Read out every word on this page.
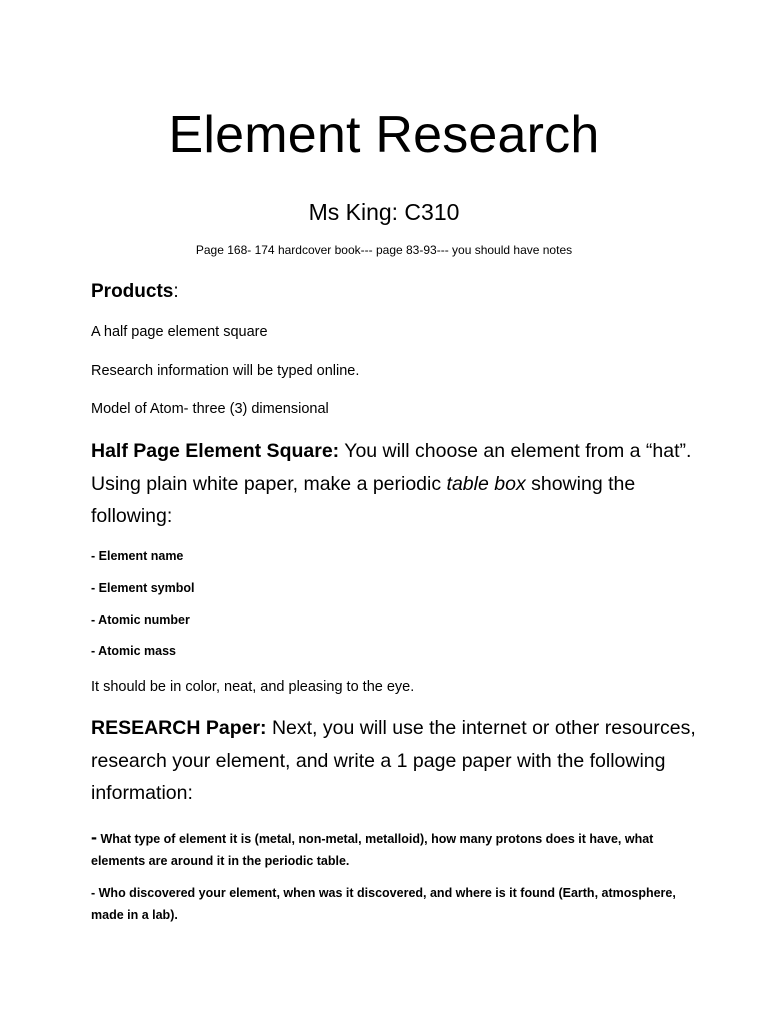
Element Research
Ms King: C310
Page 168- 174 hardcover book--- page 83-93--- you should have notes
Products:
A half page element square
Research information will be typed online.
Model of Atom- three (3) dimensional
Half Page Element Square: You will choose an element from a “hat”. Using plain white paper, make a periodic table box showing the following:
- Element name
- Element symbol
- Atomic number
- Atomic mass
It should be in color, neat, and pleasing to the eye.
RESEARCH Paper: Next, you will use the internet or other resources, research your element, and write a 1 page paper with the following information:
- What type of element it is (metal, non-metal, metalloid), how many protons does it have, what elements are around it in the periodic table.
- Who discovered your element, when was it discovered, and where is it found (Earth, atmosphere, made in a lab).
